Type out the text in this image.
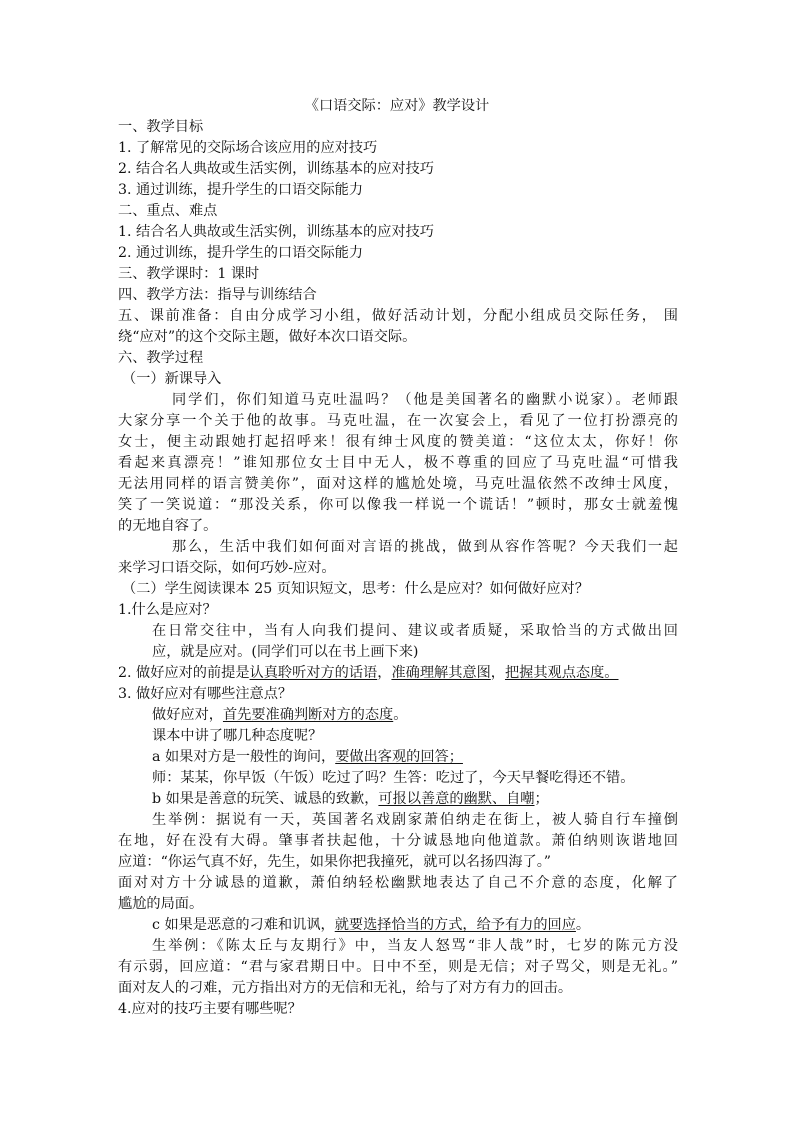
《口语交际：应对》教学设计
一、教学目标
1. 了解常见的交际场合该应用的应对技巧
2. 结合名人典故或生活实例，训练基本的应对技巧
3. 通过训练，提升学生的口语交际能力
二、重点、难点
1. 结合名人典故或生活实例，训练基本的应对技巧
2. 通过训练，提升学生的口语交际能力
三、教学课时：1 课时
四、教学方法：指导与训练结合
五、课前准备：自由分成学习小组，做好活动计划，分配小组成员交际任务， 围
绕“应对”的这个交际主题，做好本次口语交际。
六、教学过程
（一）新课导入
同学们，你们知道马克吐温吗？（他是美国著名的幽默小说家）。老师跟
大家分享一个关于他的故事。马克吐温，在一次宴会上，看见了一位打扮漂亮的
女士，便主动跟她打起招呼来！很有绅士风度的赞美道：“这位太太，你好！你
看起来真漂亮！”谁知那位女士目中无人，极不尊重的回应了马克吐温“可惜我
无法用同样的语言赞美你”，面对这样的尴尬处境，马克吐温依然不改绅士风度，
笑了一笑说道：“那没关系，你可以像我一样说一个谎话！”顿时，那女士就羞愧
的无地自容了。
那么，生活中我们如何面对言语的挑战，做到从容作答呢？今天我们一起
来学习口语交际，如何巧妙-应对。
（二）学生阅读课本 25 页知识短文，思考：什么是应对？如何做好应对？
1.什么是应对？
在日常交往中，当有人向我们提问、建议或者质疑，采取恰当的方式做出回
应，就是应对。(同学们可以在书上画下来)
2. 做好应对的前提是认真聆听对方的话语，准确理解其意图，把握其观点态度。
3. 做好应对有哪些注意点？
做好应对，首先要准确判断对方的态度。
课本中讲了哪几种态度呢？
a 如果对方是一般性的询问，要做出客观的回答；
师：某某，你早饭（午饭）吃过了吗？生答：吃过了，今天早餐吃得还不错。
b 如果是善意的玩笑、诚恳的致歉，可报以善意的幽默、自嘲；
生举例：据说有一天，英国著名戏剧家萧伯纳走在街上，被人骑自行车撞倒
在地，好在没有大碍。肇事者扶起他，十分诚恳地向他道款。萧伯纳则诙谐地回
应道：“你运气真不好，先生，如果你把我撞死，就可以名扬四海了。”
面对对方十分诚恳的道歉，萧伯纳轻松幽默地表达了自己不介意的态度，化解了
尴尬的局面。
c 如果是恶意的刁难和讥讽，就要选择恰当的方式，给予有力的回应。
生举例：《陈太丘与友期行》中，当友人怒骂“非人哉”时，七岁的陈元方没
有示弱，回应道：“君与家君期日中。日中不至，则是无信；对子骂父，则是无礼。”
面对友人的刁难，元方指出对方的无信和无礼，给与了对方有力的回击。
4.应对的技巧主要有哪些呢？
